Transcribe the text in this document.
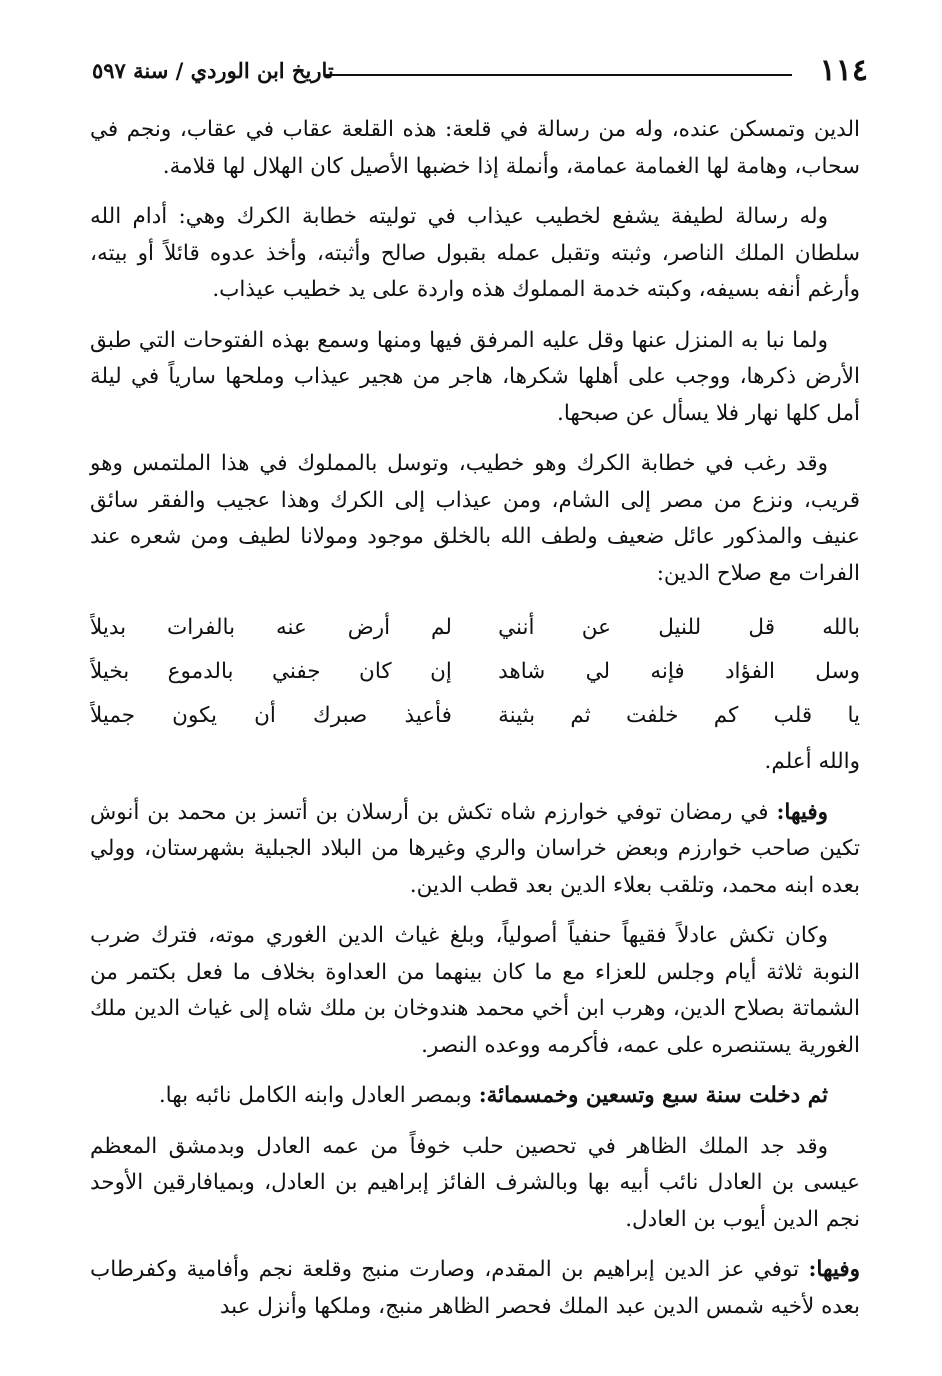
١١٤
تاريخ ابن الوردي / سنة ٥٩٧

الدين وتمسكن عنده، وله من رسالة في قلعة: هذه القلعة عقاب في عقاب، ونجم في سحاب، وهامة لها الغمامة عمامة، وأنملة إذا خضبها الأصيل كان الهلال لها قلامة.

وله رسالة لطيفة يشفع لخطيب عيذاب في توليته خطابة الكرك وهي: أدام الله سلطان الملك الناصر، وثبته وتقبل عمله بقبول صالح وأثبته، وأخذ عدوه قائلاً أو بيته، وأرغم أنفه بسيفه، وكبته خدمة المملوك هذه واردة على يد خطيب عيذاب.

ولما نبا به المنزل عنها وقل عليه المرفق فيها ومنها وسمع بهذه الفتوحات التي طبق الأرض ذكرها، ووجب على أهلها شكرها، هاجر من هجير عيذاب وملحها سارياً في ليلة أمل كلها نهار فلا يسأل عن صبحها.

وقد رغب في خطابة الكرك وهو خطيب، وتوسل بالمملوك في هذا الملتمس وهو قريب، ونزع من مصر إلى الشام، ومن عيذاب إلى الكرك وهذا عجيب والفقر سائق عنيف والمذكور عائل ضعيف ولطف الله بالخلق موجود ومولانا لطيف ومن شعره عند الفرات مع صلاح الدين:

بالله قل للنيل عن أنني
لم أرض عنه بالفرات بديلاً
وسل الفؤاد فإنه لي شاهد
إن كان جفني بالدموع بخيلاً
يا قلب كم خلفت ثم بثينة
فأعيذ صبرك أن يكون جميلاً

والله أعلم.

وفيها: في رمضان توفي خوارزم شاه تكش بن أرسلان بن أتسز بن محمد بن أنوش تكين صاحب خوارزم وبعض خراسان والري وغيرها من البلاد الجبلية بشهرستان، وولي بعده ابنه محمد، وتلقب بعلاء الدين بعد قطب الدين.

وكان تكش عادلاً فقيهاً حنفياً أصولياً، وبلغ غياث الدين الغوري موته، فترك ضرب النوبة ثلاثة أيام وجلس للعزاء مع ما كان بينهما من العداوة بخلاف ما فعل بكتمر من الشماتة بصلاح الدين، وهرب ابن أخي محمد هندوخان بن ملك شاه إلى غياث الدين ملك الغورية يستنصره على عمه، فأكرمه ووعده النصر.

ثم دخلت سنة سبع وتسعين وخمسمائة: وبمصر العادل وابنه الكامل نائبه بها.

وقد جد الملك الظاهر في تحصين حلب خوفاً من عمه العادل وبدمشق المعظم عيسى بن العادل نائب أبيه بها وبالشرف الفائز إبراهيم بن العادل، وبميافارقين الأوحد نجم الدين أيوب بن العادل.

وفيها: توفي عز الدين إبراهيم بن المقدم، وصارت منبج وقلعة نجم وأفامية وكفرطاب بعده لأخيه شمس الدين عبد الملك فحصر الظاهر منبج، وملكها وأنزل عبد
